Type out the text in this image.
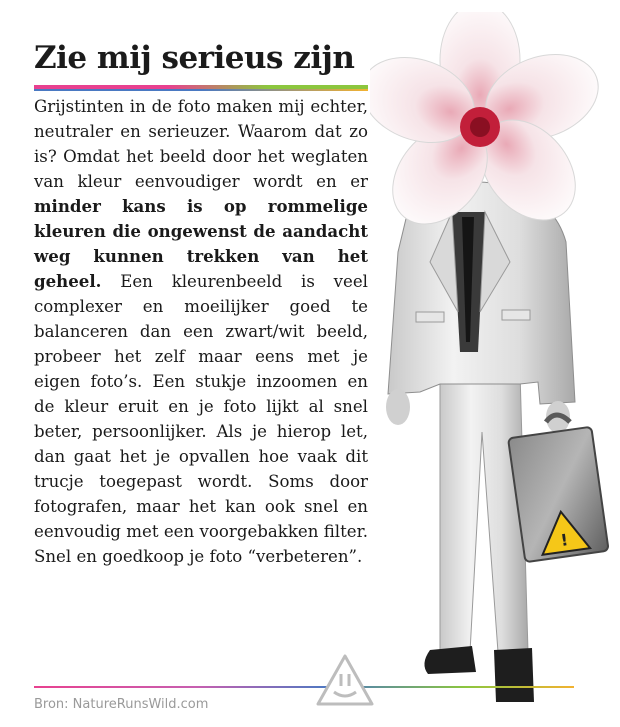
Zie mij serieus zijn
Grijstinten in de foto maken mij echter, neutraler en serieuzer. Waarom dat zo is? Omdat het beeld door het weglaten van kleur eenvoudiger wordt en er minder kans is op rommelige kleuren die ongewenst de aandacht weg kunnen trekken van het geheel. Een kleurenbeeld is veel complexer en moeilijker goed te balanceren dan een zwart/wit beeld, probeer het zelf maar eens met je eigen foto’s. Een stukje inzoomen en de kleur eruit en je foto lijkt al snel beter, persoonlijker. Als je hierop let, dan gaat het je opvallen hoe vaak dit trucje toegepast wordt. Soms door fotografen, maar het kan ook snel en eenvoudig met een voorgebakken filter. Snel en goedkoop je foto “verbeteren”.
!
Bron: NatureRunsWild.com
